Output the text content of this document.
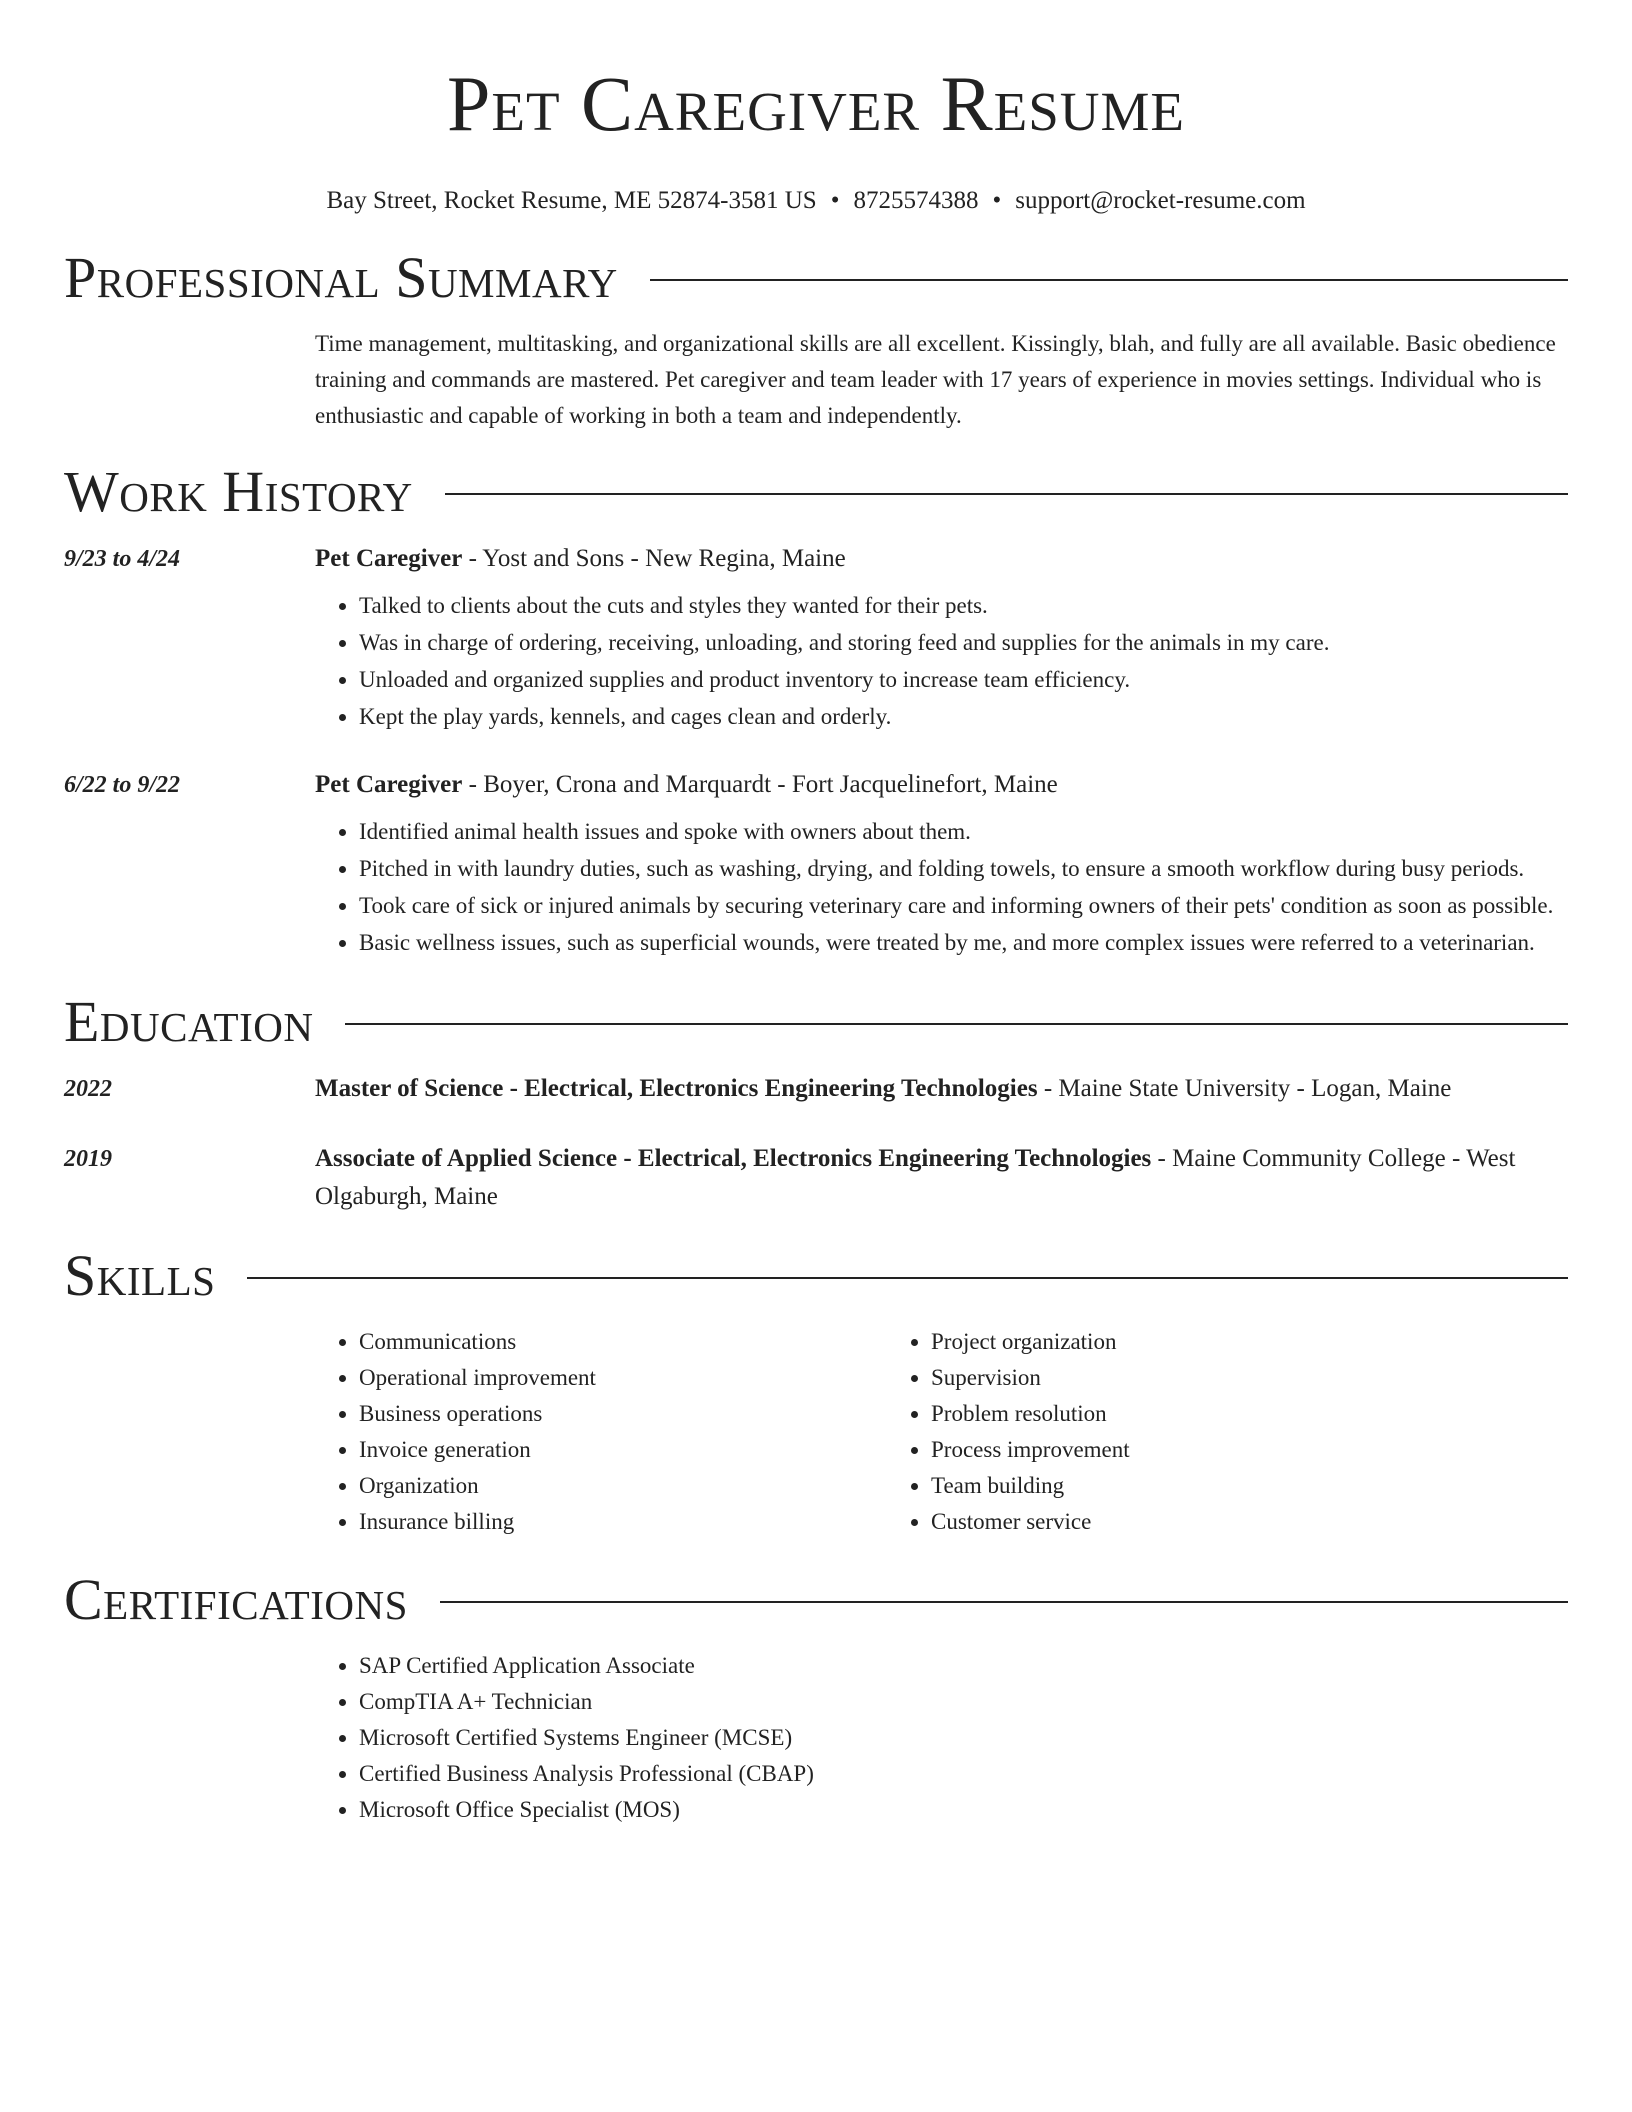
Pet Caregiver Resume
Bay Street, Rocket Resume, ME 52874-3581 US • 8725574388 • support@rocket-resume.com
Professional Summary
Time management, multitasking, and organizational skills are all excellent. Kissingly, blah, and fully are all available. Basic obedience training and commands are mastered. Pet caregiver and team leader with 17 years of experience in movies settings. Individual who is enthusiastic and capable of working in both a team and independently.
Work History
9/23 to 4/24	Pet Caregiver - Yost and Sons - New Regina, Maine
• Talked to clients about the cuts and styles they wanted for their pets.
• Was in charge of ordering, receiving, unloading, and storing feed and supplies for the animals in my care.
• Unloaded and organized supplies and product inventory to increase team efficiency.
• Kept the play yards, kennels, and cages clean and orderly.
6/22 to 9/22	Pet Caregiver - Boyer, Crona and Marquardt - Fort Jacquelinefort, Maine
• Identified animal health issues and spoke with owners about them.
• Pitched in with laundry duties, such as washing, drying, and folding towels, to ensure a smooth workflow during busy periods.
• Took care of sick or injured animals by securing veterinary care and informing owners of their pets' condition as soon as possible.
• Basic wellness issues, such as superficial wounds, were treated by me, and more complex issues were referred to a veterinarian.
Education
2022	Master of Science - Electrical, Electronics Engineering Technologies - Maine State University - Logan, Maine
2019	Associate of Applied Science - Electrical, Electronics Engineering Technologies - Maine Community College - West Olgaburgh, Maine
Skills
• Communications
• Operational improvement
• Business operations
• Invoice generation
• Organization
• Insurance billing
• Project organization
• Supervision
• Problem resolution
• Process improvement
• Team building
• Customer service
Certifications
• SAP Certified Application Associate
• CompTIA A+ Technician
• Microsoft Certified Systems Engineer (MCSE)
• Certified Business Analysis Professional (CBAP)
• Microsoft Office Specialist (MOS)
